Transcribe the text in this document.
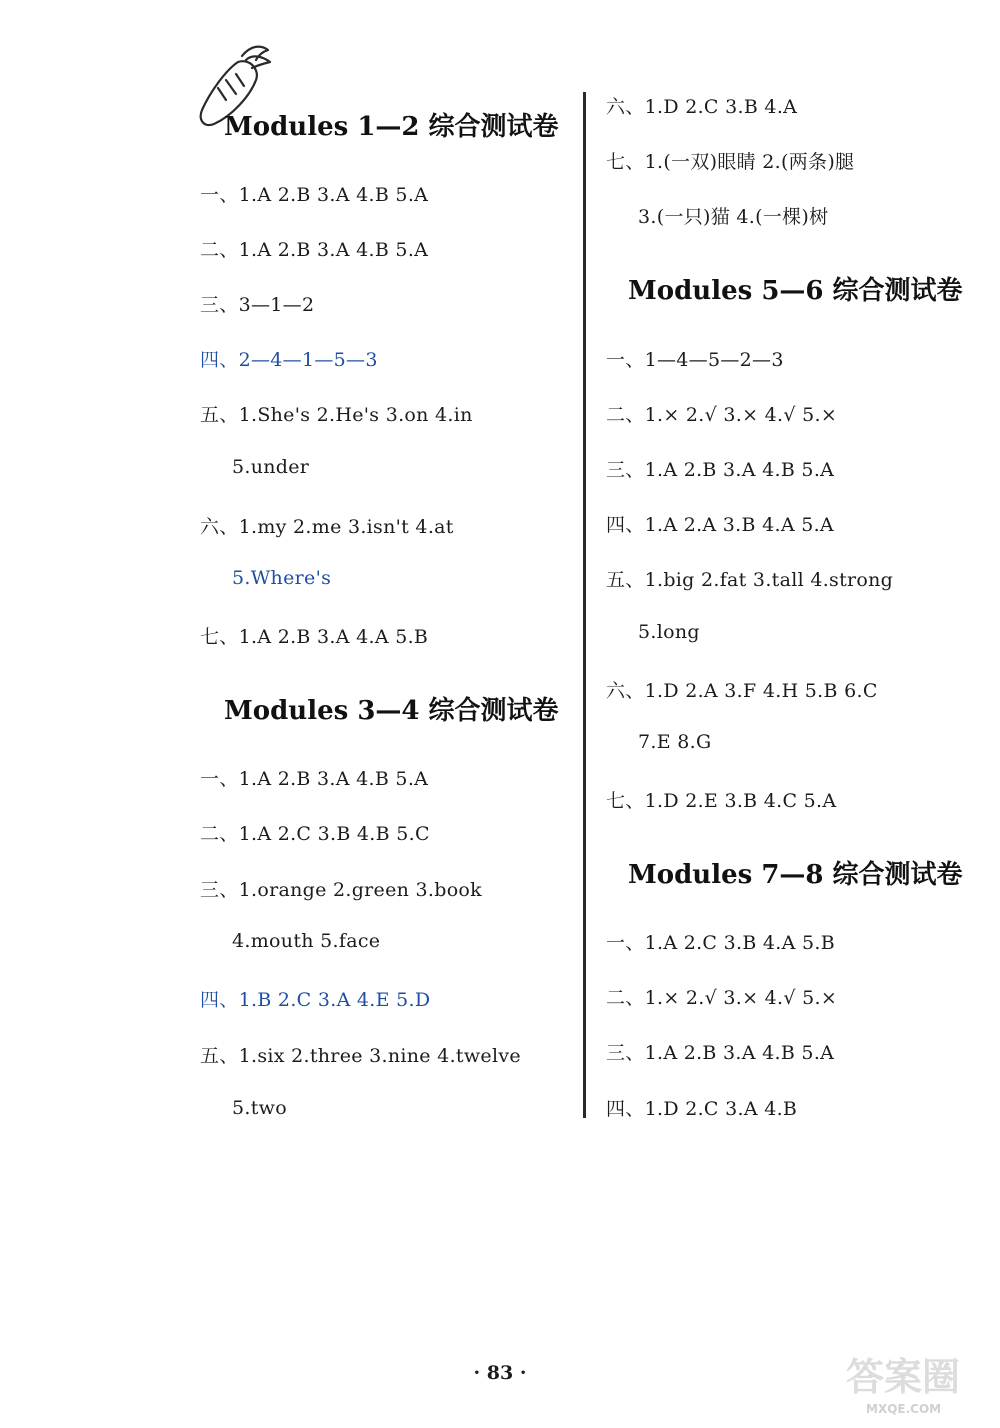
Modules 1—2 综合测试卷
一、1.A 2.B 3.A 4.B 5.A
二、1.A 2.B 3.A 4.B 5.A
三、3—1—2
四、2—4—1—5—3
五、1.She's 2.He's 3.on 4.in
5.under
六、1.my 2.me 3.isn't 4.at
5.Where's
七、1.A 2.B 3.A 4.A 5.B
Modules 3—4 综合测试卷
一、1.A 2.B 3.A 4.B 5.A
二、1.A 2.C 3.B 4.B 5.C
三、1.orange 2.green 3.book
4.mouth 5.face
四、1.B 2.C 3.A 4.E 5.D
五、1.six 2.three 3.nine 4.twelve
5.two
六、1.D 2.C 3.B 4.A
七、1.(一双)眼睛 2.(两条)腿
3.(一只)猫 4.(一棵)树
Modules 5—6 综合测试卷
一、1—4—5—2—3
二、1.× 2.√ 3.× 4.√ 5.×
三、1.A 2.B 3.A 4.B 5.A
四、1.A 2.A 3.B 4.A 5.A
五、1.big 2.fat 3.tall 4.strong
5.long
六、1.D 2.A 3.F 4.H 5.B 6.C
7.E 8.G
七、1.D 2.E 3.B 4.C 5.A
Modules 7—8 综合测试卷
一、1.A 2.C 3.B 4.A 5.B
二、1.× 2.√ 3.× 4.√ 5.×
三、1.A 2.B 3.A 4.B 5.A
四、1.D 2.C 3.A 4.B
· 83 ·	答案圈
MXQE.COM
